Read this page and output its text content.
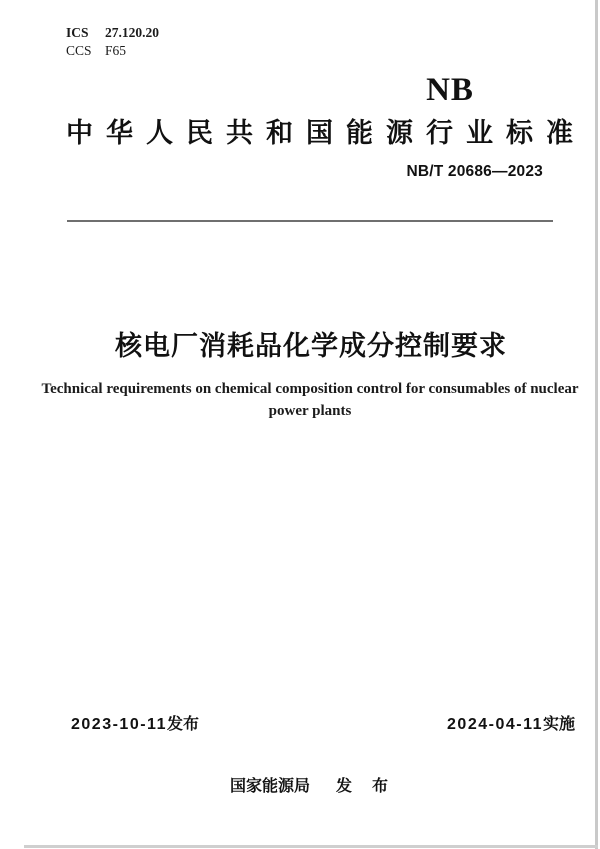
ICS 27.120.20
CCS F65
NB
中华人民共和国能源行业标准
NB/T 20686—2023
核电厂消耗品化学成分控制要求
Technical requirements on chemical composition control for consumables of nuclear
power plants
2023-10-11发布	2024-04-11实施
国家能源局 发　布
